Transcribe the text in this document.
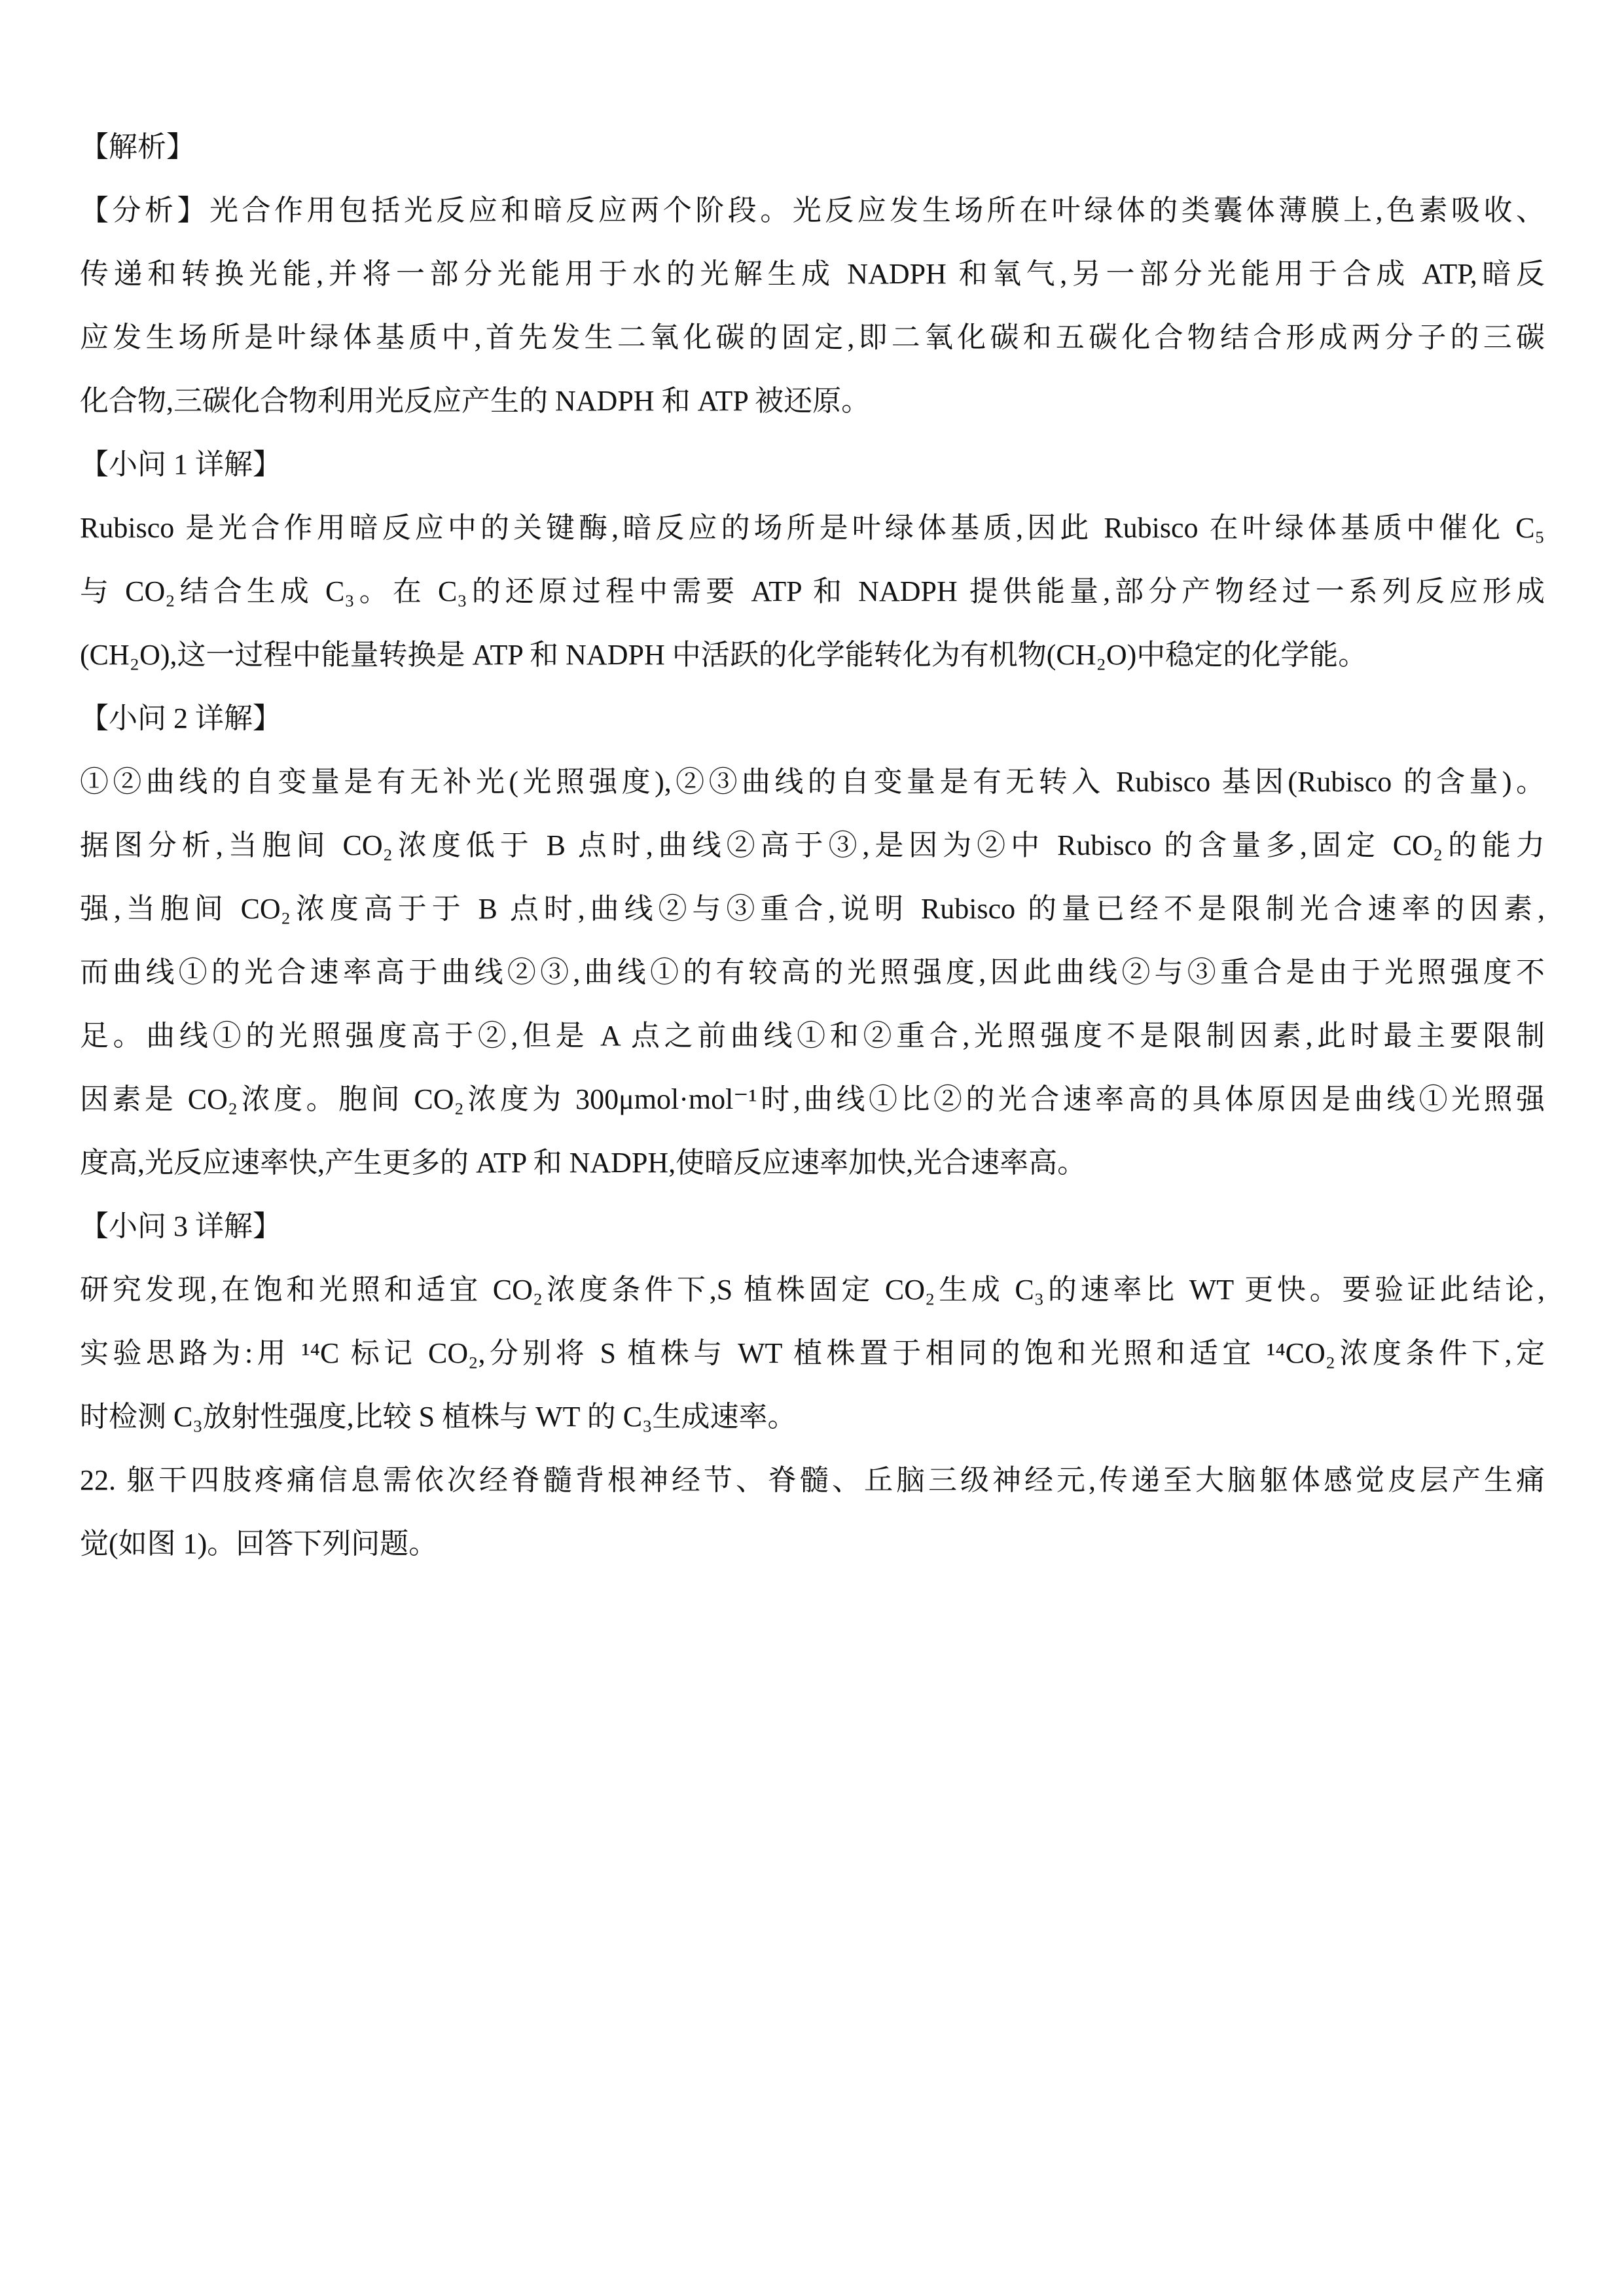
【解析】

【分析】光合作用包括光反应和暗反应两个阶段。光反应发生场所在叶绿体的类囊体薄膜上,色素吸收、

传递和转换光能,并将一部分光能用于水的光解生成 NADPH 和氧气,另一部分光能用于合成 ATP,暗反

应发生场所是叶绿体基质中,首先发生二氧化碳的固定,即二氧化碳和五碳化合物结合形成两分子的三碳

化合物,三碳化合物利用光反应产生的 NADPH 和 ATP 被还原。

【小问 1 详解】

Rubisco 是光合作用暗反应中的关键酶,暗反应的场所是叶绿体基质,因此 Rubisco 在叶绿体基质中催化 C₅

与 CO₂结合生成 C₃。在 C₃的还原过程中需要 ATP 和 NADPH 提供能量,部分产物经过一系列反应形成

(CH₂O),这一过程中能量转换是 ATP 和 NADPH 中活跃的化学能转化为有机物(CH₂O)中稳定的化学能。

【小问 2 详解】

①②曲线的自变量是有无补光(光照强度),②③曲线的自变量是有无转入 Rubisco 基因(Rubisco 的含量)。

据图分析,当胞间 CO₂浓度低于 B 点时,曲线②高于③,是因为②中 Rubisco 的含量多,固定 CO₂的能力

强,当胞间 CO₂浓度高于于 B 点时,曲线②与③重合,说明 Rubisco 的量已经不是限制光合速率的因素,

而曲线①的光合速率高于曲线②③,曲线①的有较高的光照强度,因此曲线②与③重合是由于光照强度不

足。曲线①的光照强度高于②,但是 A 点之前曲线①和②重合,光照强度不是限制因素,此时最主要限制

因素是 CO₂浓度。胞间 CO₂浓度为 300μmol·mol⁻¹时,曲线①比②的光合速率高的具体原因是曲线①光照强

度高,光反应速率快,产生更多的 ATP 和 NADPH,使暗反应速率加快,光合速率高。

【小问 3 详解】

研究发现,在饱和光照和适宜 CO₂浓度条件下,S 植株固定 CO₂生成 C₃的速率比 WT 更快。要验证此结论,

实验思路为:用 ¹⁴C 标记 CO₂,分别将 S 植株与 WT 植株置于相同的饱和光照和适宜 ¹⁴CO₂浓度条件下,定

时检测 C₃放射性强度,比较 S 植株与 WT 的 C₃生成速率。

22. 躯干四肢疼痛信息需依次经脊髓背根神经节、脊髓、丘脑三级神经元,传递至大脑躯体感觉皮层产生痛

觉(如图 1)。回答下列问题。
